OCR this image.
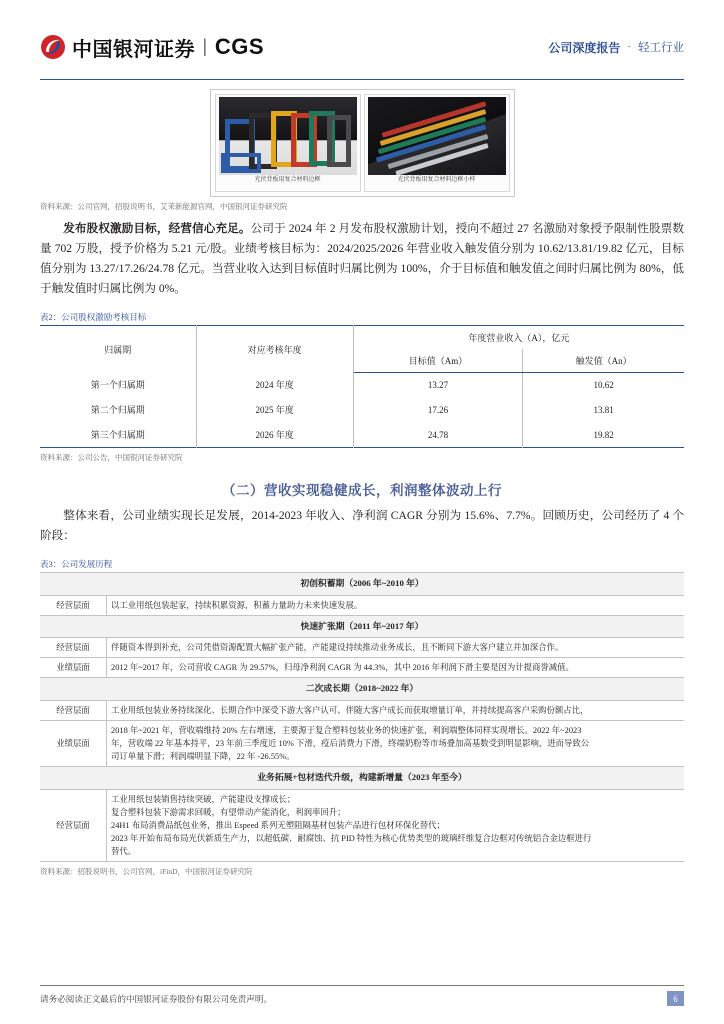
中国银河证券 | CGS	公司深度报告 · 轻工行业
光伏背板用复合材料边框	光伏背板用复合材料边框小样
资料来源：公司官网，招股说明书，艾茉新能源官网，中国银河证券研究院

发布股权激励目标，经营信心充足。公司于 2024 年 2 月发布股权激励计划，授向不超过 27 名激励对象授予限制性股票数量 702 万股，授予价格为 5.21 元/股。业绩考核目标为：2024/2025/2026 年营业收入触发值分别为 10.62/13.81/19.82 亿元，目标值分别为 13.27/17.26/24.78 亿元。当营业收入达到目标值时归属比例为 100%，介于目标值和触发值之间时归属比例为 80%，低于触发值时归属比例为 0%。

表2：公司股权激励考核目标
归属期	对应考核年度	年度营业收入（A），亿元	
		目标值（Am）	触发值（An）
第一个归属期	2024 年度	13.27	10.62
第二个归属期	2025 年度	17.26	13.81
第三个归属期	2026 年度	24.78	19.82
资料来源：公司公告，中国银河证券研究院
（二）营收实现稳健成长，利润整体波动上行

整体来看，公司业绩实现长足发展，2014-2023 年收入、净利润 CAGR 分别为 15.6%、7.7%。回顾历史，公司经历了 4 个阶段：

表3：公司发展历程
初创积蓄期（2006 年~2010 年）	
经营层面	以工业用纸包装起家，持续积累资源，积蓄力量助力未来快速发展。
快速扩张期（2011 年~2017 年）	
经营层面	伴随资本得到补充，公司凭借资源配置大幅扩张产能，产能建设持续推动业务成长，且不断同下游大客户建立并加深合作。
业绩层面	2012 年~2017 年，公司营收 CAGR 为 29.57%，归母净利润 CAGR 为 44.3%，其中 2016 年利润下滑主要是因为计提商誉减值。
二次成长期（2018~2022 年）	
经营层面	工业用纸包装业务持续深化、长期合作中深受下游大客户认可、伴随大客户成长而获取增量订单，并持续提高客户采购份额占比，
业绩层面	2018 年~2021 年，营收端维持 20% 左右增速，主要源于复合塑料包装业务的快速扩张，利润端整体同样实现增长。2022 年~2023
年，营收端 22 年基本持平，23 年前三季度近 10% 下滑，疫后消费力下滑，终端奶粉等市场叠加高基数受到明显影响，进而导致公
司订单量下滑；利润端明显下降，22 年 -26.55%。

业务拓展+包材迭代升级，构建新增量（2023 年至今）	
经营层面	工业用纸包装销售持续突破，产能建设支撑成长；
复合塑料包装下游需求回暖，有望带动产能消化，利润率回升；
24H1 布局消费品纸包业务，推出 Espeed 系列无塑阻隔基材包装产品进行包材环保化替代；
2023 年开始布局布局光伏新质生产力，以超低碳、耐腐蚀、抗 PID 特性为核心优势类型的玻璃纤维复合边框对传统铝合金边框进行
替代。
资料来源：招股说明书，公司官网，iFinD，中国银河证券研究院
请务必阅读正文最后的中国银河证券股份有限公司免责声明。	6
